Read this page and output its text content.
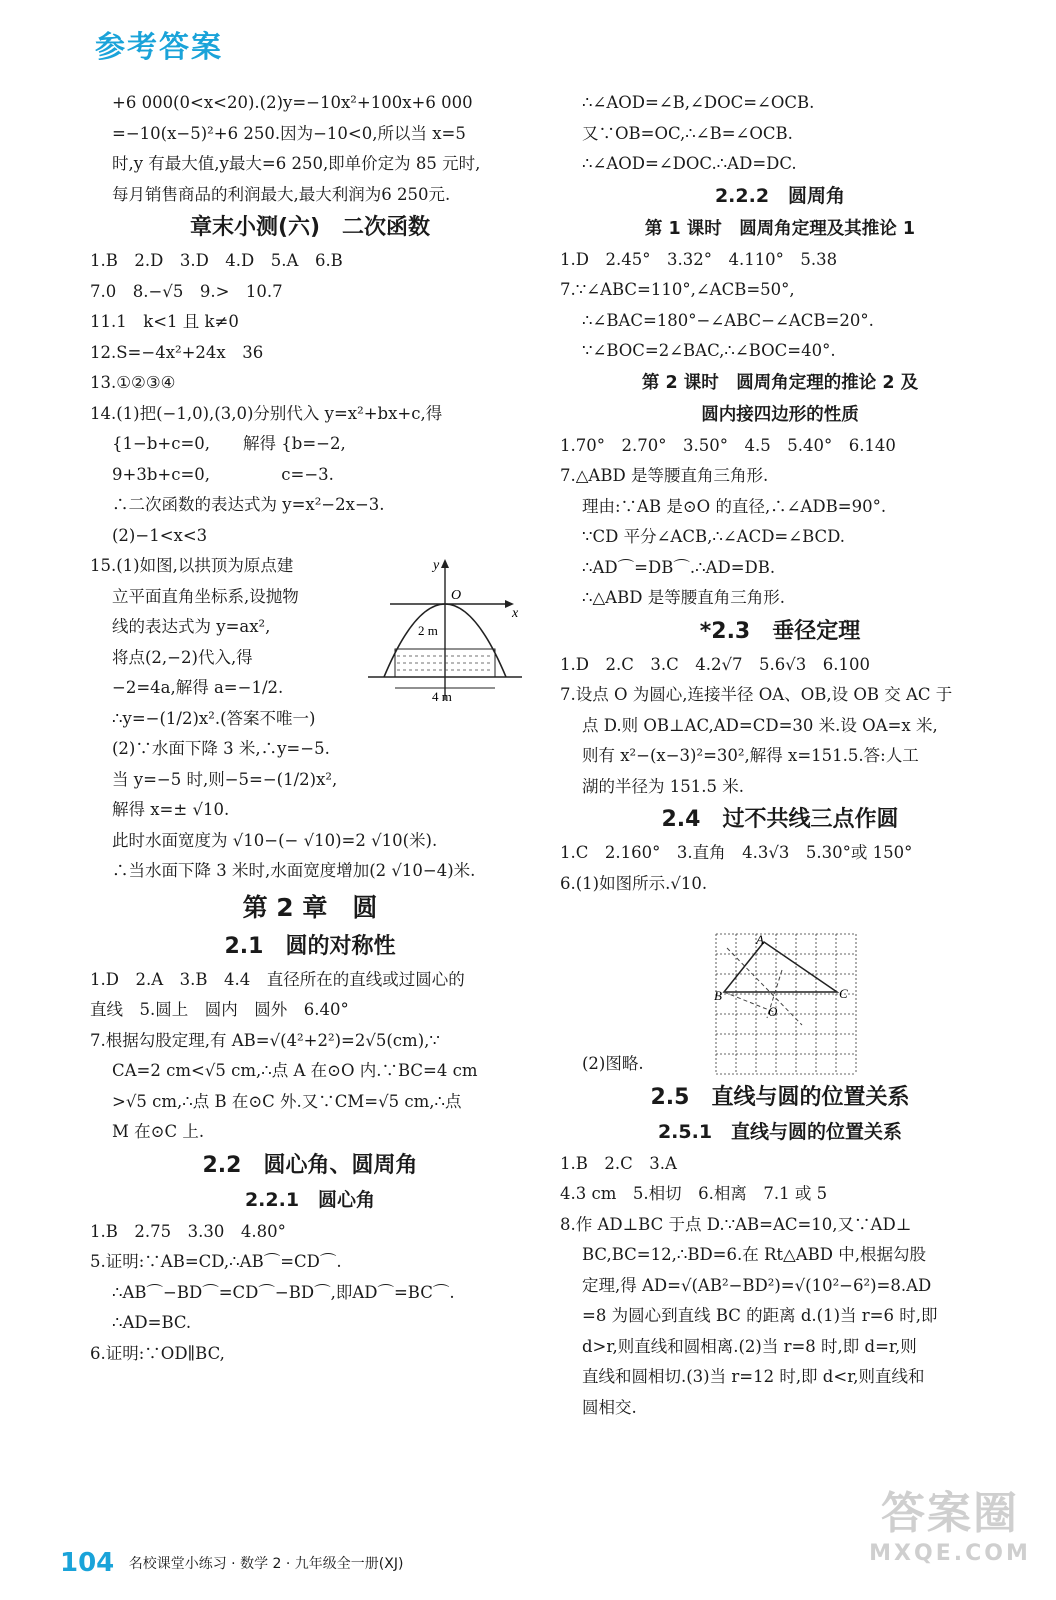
参考答案
+6 000(0<x<20).(2)y=−10x²+100x+6 000
=−10(x−5)²+6 250.因为−10<0,所以当 x=5
时,y 有最大值,y最大=6 250,即单价定为 85 元时,
每月销售商品的利润最大,最大利润为6 250元.
章末小测(六)　二次函数
1.B　2.D　3.D　4.D　5.A　6.B
7.0　8.−√5　9.>　10.7
11.1　k<1 且 k≠0
12.S=−4x²+24x　36
13.①②③④
14.(1)把(−1,0),(3,0)分别代入 y=x²+bx+c,得
{1−b+c=0,　　解得 {b=−2,
9+3b+c=0,　　　　 c=−3.
∴二次函数的表达式为 y=x²−2x−3.
(2)−1<x<3
15.(1)如图,以拱顶为原点建
立平面直角坐标系,设抛物
线的表达式为 y=ax²,
将点(2,−2)代入,得
−2=4a,解得 a=−1/2.
∴y=−(1/2)x².(答案不唯一)
(2)∵水面下降 3 米,∴y=−5.
当 y=−5 时,则−5=−(1/2)x²,
解得 x=± √10.
此时水面宽度为 √10−(− √10)=2 √10(米).
∴当水面下降 3 米时,水面宽度增加(2 √10−4)米.
第 2 章　圆
2.1　圆的对称性
1.D　2.A　3.B　4.4　直径所在的直线或过圆心的
直线　5.圆上　圆内　圆外　6.40°
7.根据勾股定理,有 AB=√(4²+2²)=2√5(cm),∵
CA=2 cm<√5 cm,∴点 A 在⊙O 内.∵BC=4 cm
>√5 cm,∴点 B 在⊙C 外.又∵CM=√5 cm,∴点
M 在⊙C 上.
2.2　圆心角、圆周角
2.2.1　圆心角
1.B　2.75　3.30　4.80°
5.证明:∵AB=CD,∴AB⌒=CD⌒.
∴AB⌒−BD⌒=CD⌒−BD⌒,即AD⌒=BC⌒.
∴AD=BC.
6.证明:∵OD∥BC,
∴∠AOD=∠B,∠DOC=∠OCB.
又∵OB=OC,∴∠B=∠OCB.
∴∠AOD=∠DOC.∴AD=DC.
2.2.2　圆周角
第 1 课时　圆周角定理及其推论 1
1.D　2.45°　3.32°　4.110°　5.38
7.∵∠ABC=110°,∠ACB=50°,
∴∠BAC=180°−∠ABC−∠ACB=20°.
∵∠BOC=2∠BAC,∴∠BOC=40°.
第 2 课时　圆周角定理的推论 2 及
圆内接四边形的性质
1.70°　2.70°　3.50°　4.5　5.40°　6.140
7.△ABD 是等腰直角三角形.
理由:∵AB 是⊙O 的直径,∴∠ADB=90°.
∵CD 平分∠ACB,∴∠ACD=∠BCD.
∴AD⌒=DB⌒.∴AD=DB.
∴△ABD 是等腰直角三角形.
*2.3　垂径定理
1.D　2.C　3.C　4.2√7　5.6√3　6.100
7.设点 O 为圆心,连接半径 OA、OB,设 OB 交 AC 于
点 D.则 OB⊥AC,AD=CD=30 米.设 OA=x 米,
则有 x²−(x−3)²=30²,解得 x=151.5.答:人工
湖的半径为 151.5 米.
2.4　过不共线三点作圆
1.C　2.160°　3.直角　4.3√3　5.30°或 150°
6.(1)如图所示.√10.
(2)图略.
2.5　直线与圆的位置关系
2.5.1　直线与圆的位置关系
1.B　2.C　3.A
4.3 cm　5.相切　6.相离　7.1 或 5
8.作 AD⊥BC 于点 D.∵AB=AC=10,又∵AD⊥
BC,BC=12,∴BD=6.在 Rt△ABD 中,根据勾股
定理,得 AD=√(AB²−BD²)=√(10²−6²)=8.AD
=8 为圆心到直线 BC 的距离 d.(1)当 r=6 时,即
d>r,则直线和圆相离.(2)当 r=8 时,即 d=r,则
直线和圆相切.(3)当 r=12 时,即 d<r,则直线和
圆相交.
y
x
O
2 m
4 m
A
B	C
O
104 名校课堂小练习 · 数学 2 · 九年级全一册(XJ)
答案圈
MXQE.COM
